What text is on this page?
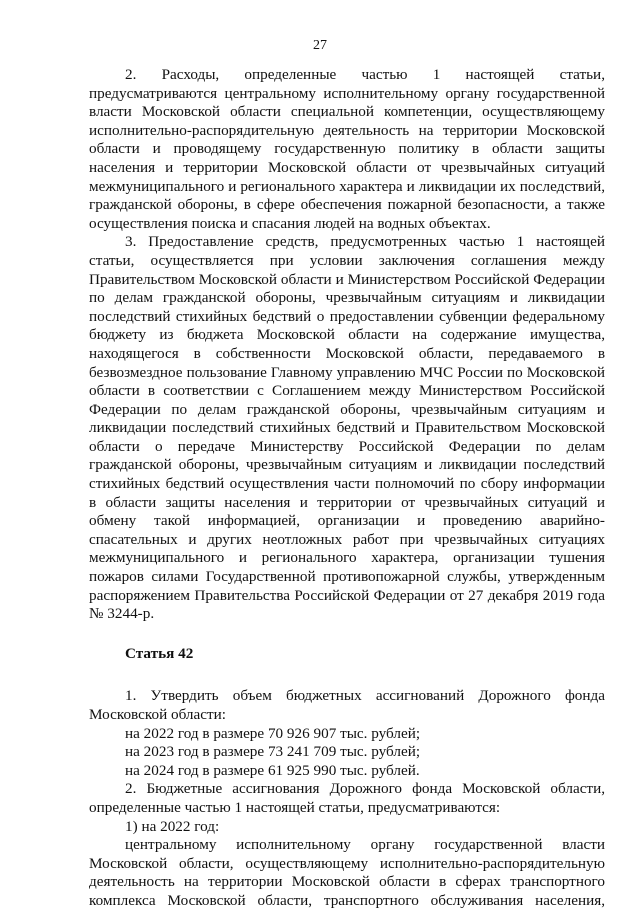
27

2. Расходы, определенные частью 1 настоящей статьи, предусматриваются центральному исполнительному органу государственной власти Московской области специальной компетенции, осуществляющему исполнительно-распорядительную деятельность на территории Московской области и проводящему государственную политику в области защиты населения и территории Московской области от чрезвычайных ситуаций межмуниципального и регионального характера и ликвидации их последствий, гражданской обороны, в сфере обеспечения пожарной безопасности, а также осуществления поиска и спасания людей на водных объектах.

3. Предоставление средств, предусмотренных частью 1 настоящей статьи, осуществляется при условии заключения соглашения между Правительством Московской области и Министерством Российской Федерации по делам гражданской обороны, чрезвычайным ситуациям и ликвидации последствий стихийных бедствий о предоставлении субвенции федеральному бюджету из бюджета Московской области на содержание имущества, находящегося в собственности Московской области, передаваемого в безвозмездное пользование Главному управлению МЧС России по Московской области в соответствии с Соглашением между Министерством Российской Федерации по делам гражданской обороны, чрезвычайным ситуациям и ликвидации последствий стихийных бедствий и Правительством Московской области о передаче Министерству Российской Федерации по делам гражданской обороны, чрезвычайным ситуациям и ликвидации последствий стихийных бедствий осуществления части полномочий по сбору информации в области защиты населения и территории от чрезвычайных ситуаций и обмену такой информацией, организации и проведению аварийно-спасательных и других неотложных работ при чрезвычайных ситуациях межмуниципального и регионального характера, организации тушения пожаров силами Государственной противопожарной службы, утвержденным распоряжением Правительства Российской Федерации от 27 декабря 2019 года № 3244-р.

Статья 42

1. Утвердить объем бюджетных ассигнований Дорожного фонда Московской области:

на 2022 год в размере 70 926 907 тыс. рублей;

на 2023 год в размере 73 241 709 тыс. рублей;

на 2024 год в размере 61 925 990 тыс. рублей.

2. Бюджетные ассигнования Дорожного фонда Московской области, определенные частью 1 настоящей статьи, предусматриваются:

1) на 2022 год:

центральному исполнительному органу государственной власти Московской области, осуществляющему исполнительно-распорядительную деятельность на территории Московской области в сферах транспортного комплекса Московской области, транспортного обслуживания населения,
